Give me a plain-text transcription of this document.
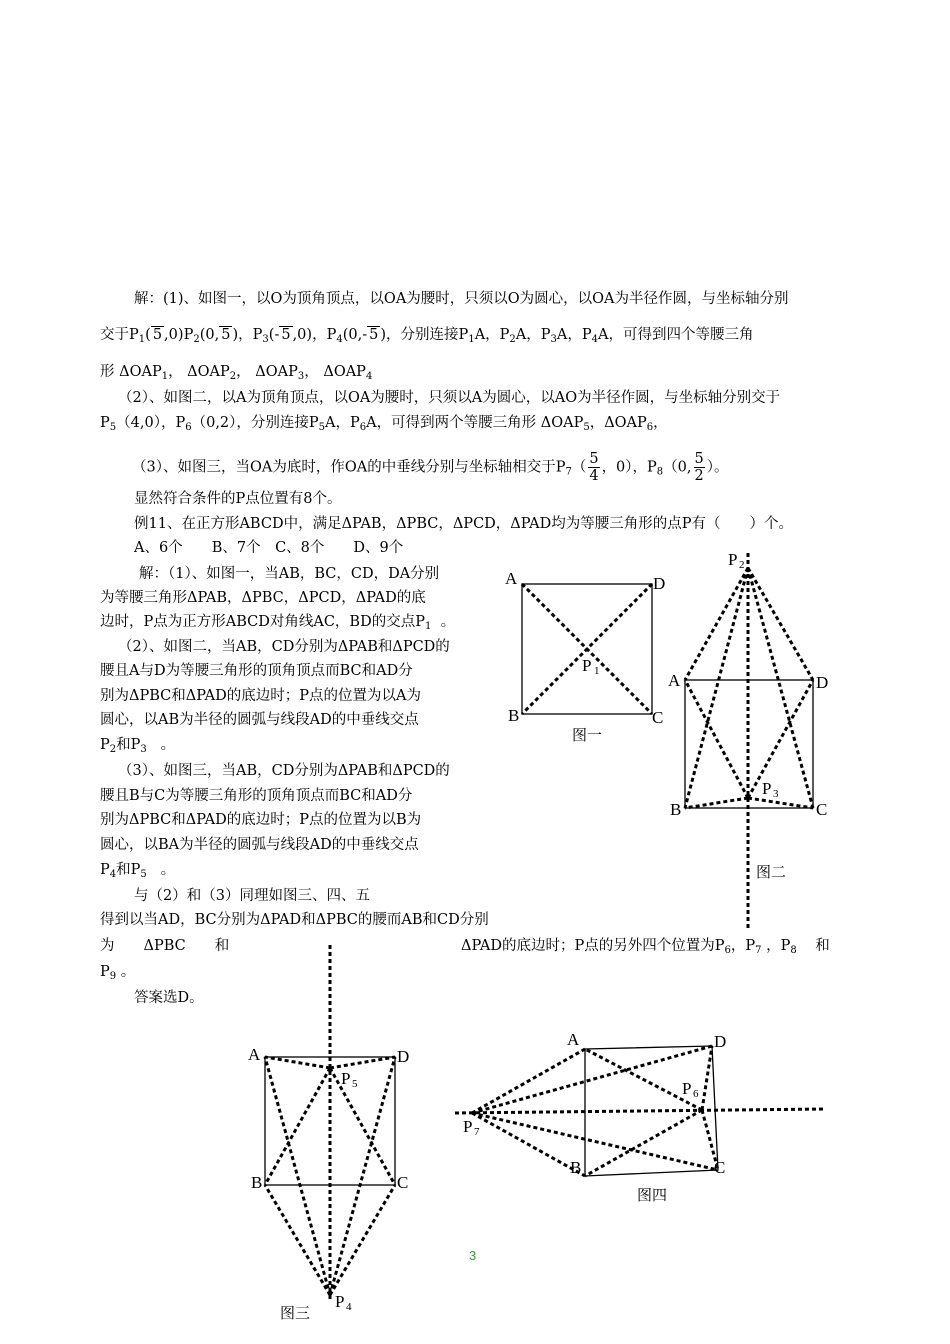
解：(1)、如图一，以O为顶角顶点，以OA为腰时，只须以O为圆心，以OA为半径作圆，与坐标轴分别
交于$P_1$( 5 $,0)P_2(0$, 5 )，$P_3(-$ 5 ,0)，$P_4(0,-$ 5 )，分别连接$P_1A$，$P_2A$，$P_3A$，$P_4A$，可得到四个等腰三角
形 $\Delta OAP_1$， $\Delta OAP_2$， $\Delta OAP_3$， $\Delta OAP_4$
（2）、如图二，以A为顶角顶点，以OA为腰时，只须以A为圆心，以AO为半径作圆，与坐标轴分别交于
$P_5(4,0)$，$P_6(0,2)$，分别连接$P_5A$，$P_6A$，可得到两个等腰三角形 $\Delta OAP_5$，$\Delta OAP_6$，
（3）、如图三，当OA为底时，作OA的中垂线分别与坐标轴相交于$P_7( \frac{5}{4}$ ，0），$P_8(0$, $\frac{5}{2}$ ）。
显然符合条件的P点位置有8个。
例11、在正方形ABCD中，满足ΔPAB，ΔPBC，ΔPCD，ΔPAD均为等腰三角形的点P有（　　）个。
A、6个　　B、7个　C、8个　　D、9个
解：（1）、如图一，当AB，BC，CD，DA分别
为等腰三角形ΔPAB，ΔPBC，ΔPCD，ΔPAD的底
边时，P点为正方形ABCD对角线AC，BD的交点$P_1$ 。
（2）、如图二，当AB，CD分别为ΔPAB和ΔPCD的
腰且A与D为等腰三角形的顶角顶点而BC和AD分
别为ΔPBC和ΔPAD的底边时；P点的位置为以A为
圆心，以AB为半径的圆弧与线段AD的中垂线交点
$P_2$和$P_3$ 。
（3）、如图三，当AB，CD分别为ΔPAB和ΔPCD的
腰且B与C为等腰三角形的顶角顶点而BC和AD分
别为ΔPBC和ΔPAD的底边时；P点的位置为以B为
圆心，以BA为半径的圆弧与线段AD的中垂线交点
$P_4$和$P_5$ 。
与（2）和（3）同理如图三、四、五
得到以当AD，BC分别为ΔPAD和ΔPBC的腰而AB和CD分别
为　　ΔPBC　　和	ΔPAD的底边时；P点的另外四个位置为$P_6$，$P_7$ ，$P_8$ 和
$P_9$ 。
答案选D。
A	D
B	C
P 1
图一
P 2
A	D
B	C
P 3
图二
A	D
P 5
B	C
P 4
图三
A	D
P 6
P 7
B	C
图四
3
